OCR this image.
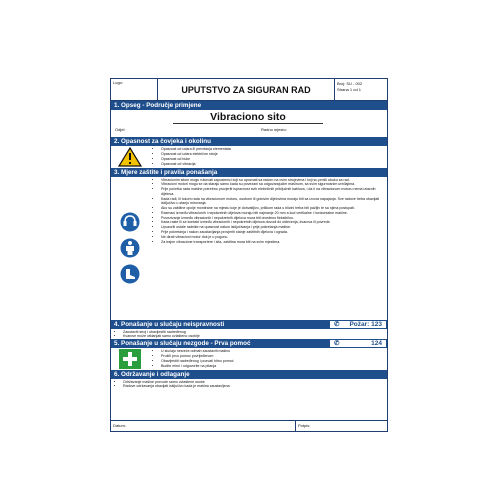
Logo:
UPUTSTVO ZA SIGURAN RAD
Broj: SU - 002
Strana 1 od 1
1. Opseg - Područje primjene
Vibraciono sito
Odjel:	Radno mjesto:
2. Opasnost za čovjeka i okolinu
• Opasnost od udara ili prevrtanja elementata
• Opasnost od udara električne struje
• Opasnost od buke
• Opasnost od vibracija
3. Mjere zaštite i pravila ponašanja
• Vibracionim sitom mogu rukovati zaposlenici koji su upoznati sa radom na ovim strojevima i koji su prošli obuku za rad.
• Vibracioni motori mogu se da staraju samo kada su povezani sa odgovarajućim mašinom, sa svim sigurnosnim uređajima.
• Prije početka rada mašine potrebno provjeriti ispravnost svih električnih priključnih kablova, i da li na vibracionom motoru nema izlaznih dijelova.
• Kada radi, ili tokom rada na vibracionom motoru, osobom ili gotovim dijelovima moraju biti sa izvora napajanja. Sve radove treba obavljati isključivo u stanju mirovanja.
• Ako su zaštitne opcije montirane na mjestu koje je dohvatljivo, prilikom rada u blizini treba biti pažljiv te sa njima postupati.
• Razmaci između vibracionih i nepokretnih dijelova moraju biti najmanje 20 mm a kod vertikalne i horizontalne mašine.
• Povezivanje između vibracionih i nepokretnih dijelova mora biti izvedeno fleksibilno.
• Kada raste ili se kontakt između vibracionih i nepokretnih dijelova dovodi do oštećenja, kvarova ili povrede.
• Upozoriti ostale radnike na opasnost nakon isključivanja i prije pokretanja mašine.
• Prije pokretanja i nakon zaustavljanja provjeriti stanje zaštitnih dijelova i ograda.
• Ne dirati vibracioni motor dok je u pogonu.
• Za trajne vibracione transportere i sita, zaštitna mora biti na svim mjestima.
4. Ponašanje u slučaju neispravnosti	✆ Požar: 123
• Zaustaviti stroj i obavijestiti nadređenog
• Kvarove može otklanjati samo ovlašteno osoblje
5. Ponašanje u slučaju nezgode - Prva pomoć	✆	124
• U slučaju nesreće odmah zaustaviti mašinu
• Pružiti prvu pomoć povrijeđenom
• Obavijestiti nadređenog i pozvati hitnu pomoć
• Budite mirni i odgovorite na pitanja
6. Održavanje i odlaganje
• Održavanje mašine provode samo ovlaštene osobe
• Radove održavanja obavljati isključivo kada je mašina zaustavljena
Datum:	Potpis:
